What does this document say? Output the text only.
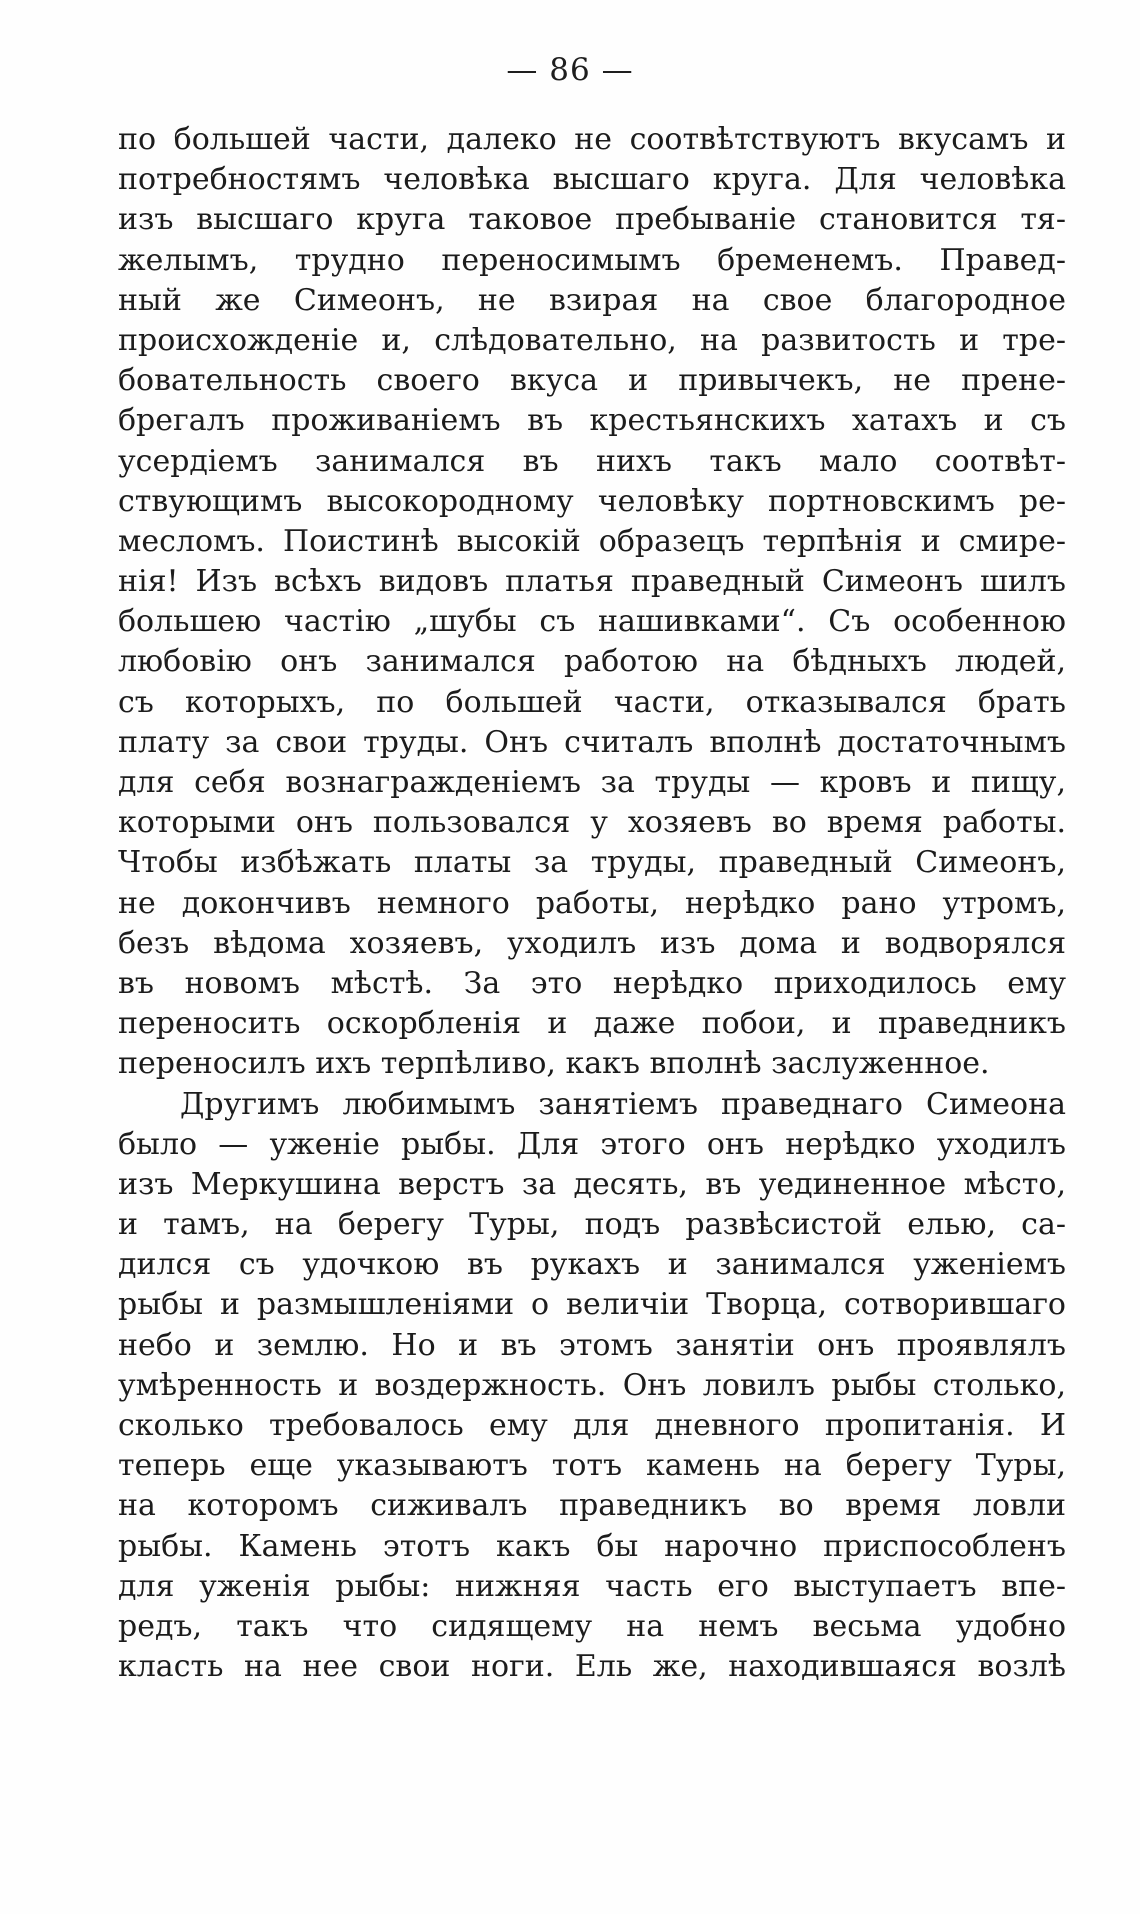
— 86 —
по большей части, далеко не соотвѣтствуютъ вкусамъ и
потребностямъ человѣка высшаго круга. Для человѣка
изъ высшаго круга таковое пребываніе становится тя-
желымъ, трудно переносимымъ бременемъ. Правед-
ный же Симеонъ, не взирая на свое благородное
происхожденіе и, слѣдовательно, на развитость и тре-
бовательность своего вкуса и привычекъ, не пренe-
брегалъ проживаніемъ въ крестьянскихъ хатахъ и съ
усердіемъ занимался въ нихъ такъ мало соотвѣт-
ствующимъ высокородному человѣку портновскимъ ре-
месломъ. Поистинѣ высокій образецъ терпѣнія и смире-
нія! Изъ всѣхъ видовъ платья праведный Симеонъ шилъ
большею частію „шубы съ нашивками“. Съ особенною
любовію онъ занимался работою на бѣдныхъ людей,
съ которыхъ, по большей части, отказывался брать
плату за свои труды. Онъ считалъ вполнѣ достаточнымъ
для себя вознагражденіемъ за труды — кровъ и пищу,
которыми онъ пользовался у хозяевъ во время работы.
Чтобы избѣжать платы за труды, праведный Симеонъ,
не докончивъ немного работы, нерѣдко рано утромъ,
безъ вѣдома хозяевъ, уходилъ изъ дома и водворялся
въ новомъ мѣстѣ. За это нерѣдко приходилось ему
переносить оскорбленія и даже побои, и праведникъ
переносилъ ихъ терпѣливо, какъ вполнѣ заслуженное.
Другимъ любимымъ занятіемъ праведнаго Симеона
было — уженіе рыбы. Для этого онъ нерѣдко уходилъ
изъ Меркушина верстъ за десять, въ уединенное мѣсто,
и тамъ, на берегу Туры, подъ развѣсистой елью, са-
дился съ удочкою въ рукахъ и занимался уженіемъ
рыбы и размышленіями о величіи Творца, сотворившаго
небо и землю. Но и въ этомъ занятіи онъ проявлялъ
умѣренность и воздержность. Онъ ловилъ рыбы столько,
сколько требовалось ему для дневного пропитанія. И
теперь еще указываютъ тотъ камень на берегу Туры,
на которомъ сиживалъ праведникъ во время ловли
рыбы. Камень этотъ какъ бы нарочно приспособленъ
для уженія рыбы: нижняя часть его выступаетъ впе-
редъ, такъ что сидящему на немъ весьма удобно
класть на нее свои ноги. Ель же, находившаяся возлѣ
